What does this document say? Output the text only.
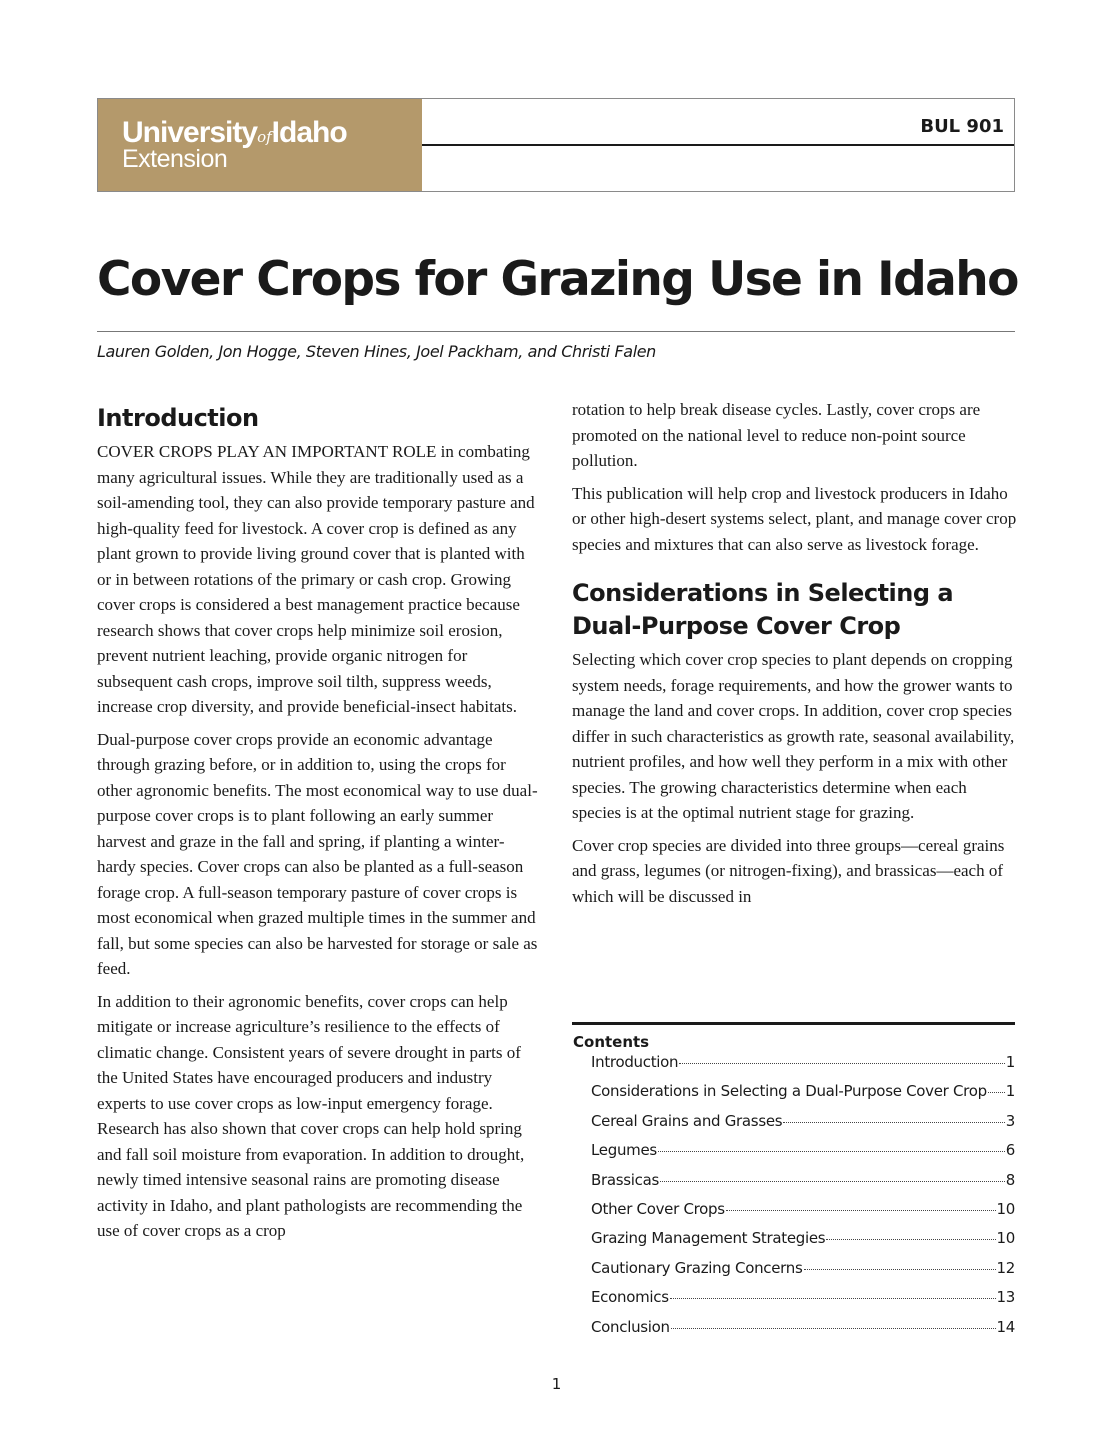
UniversityofIdaho
Extension
BUL 901
Cover Crops for Grazing Use in Idaho
Lauren Golden, Jon Hogge, Steven Hines, Joel Packham, and Christi Falen
Introduction

COVER CROPS PLAY AN IMPORTANT ROLE in combating many agricultural issues. While they are traditionally used as a soil-amending tool, they can also provide temporary pasture and high-quality feed for livestock. A cover crop is defined as any plant grown to provide living ground cover that is planted with or in between rotations of the primary or cash crop. Growing cover crops is considered a best management practice because research shows that cover crops help minimize soil erosion, prevent nutrient leaching, provide organic nitrogen for subsequent cash crops, improve soil tilth, suppress weeds, increase crop diversity, and provide beneficial-insect habitats.

Dual-purpose cover crops provide an economic advantage through grazing before, or in addition to, using the crops for other agronomic benefits. The most economical way to use dual-purpose cover crops is to plant following an early summer harvest and graze in the fall and spring, if planting a winter-hardy species. Cover crops can also be planted as a full-season forage crop. A full-season temporary pasture of cover crops is most economical when grazed multiple times in the summer and fall, but some species can also be harvested for storage or sale as feed.

In addition to their agronomic benefits, cover crops can help mitigate or increase agriculture’s resilience to the effects of climatic change. Consistent years of severe drought in parts of the United States have encouraged producers and industry experts to use cover crops as low-input emergency forage. Research has also shown that cover crops can help hold spring and fall soil moisture from evaporation. In addition to drought, newly timed intensive seasonal rains are promoting disease activity in Idaho, and plant pathologists are recommending the use of cover crops as a crop

rotation to help break disease cycles. Lastly, cover crops are promoted on the national level to reduce non-point source pollution.

This publication will help crop and livestock producers in Idaho or other high-desert systems select, plant, and manage cover crop species and mixtures that can also serve as livestock forage.

Considerations in Selecting a
Dual-Purpose Cover Crop

Selecting which cover crop species to plant depends on cropping system needs, forage requirements, and how the grower wants to manage the land and cover crops. In addition, cover crop species differ in such characteristics as growth rate, seasonal availability, nutrient profiles, and how well they perform in a mix with other species. The growing characteristics determine when each species is at the optimal nutrient stage for grazing.

Cover crop species are divided into three groups—cereal grains and grass, legumes (or nitrogen-fixing), and brassicas—each of which will be discussed in

Contents
Introduction	1
Considerations in Selecting a Dual-Purpose Cover Crop 1
Cereal Grains and Grasses	3
Legumes	6
Brassicas	8
Other Cover Crops	10
Grazing Management Strategies	10
Cautionary Grazing Concerns	12
Economics	13
Conclusion	14
1
